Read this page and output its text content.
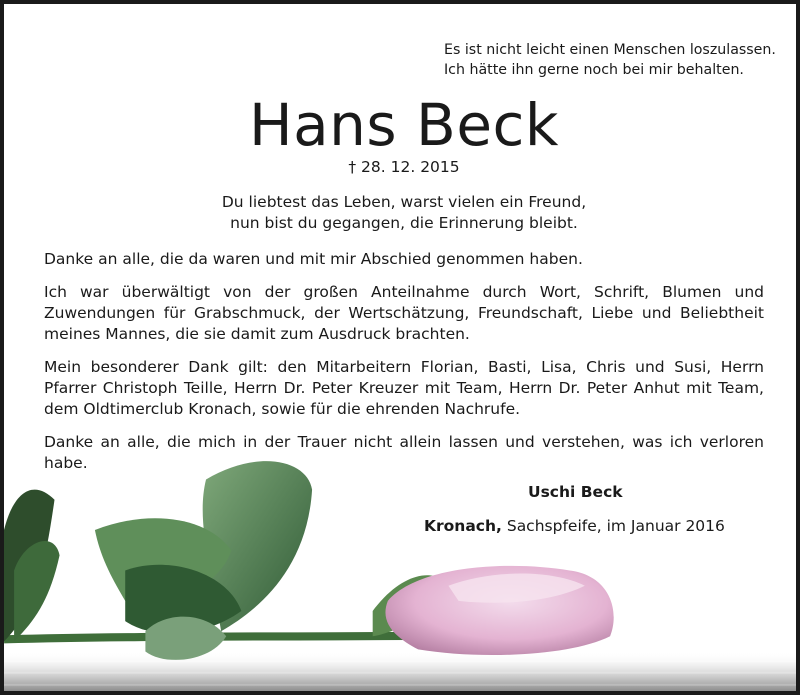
Es ist nicht leicht einen Menschen loszulassen.
Ich hätte ihn gerne noch bei mir behalten.
Hans Beck
† 28. 12. 2015
Du liebtest das Leben, warst vielen ein Freund,
nun bist du gegangen, die Erinnerung bleibt.

Danke an alle, die da waren und mit mir Abschied genommen haben.

Ich war überwältigt von der großen Anteilnahme durch Wort, Schrift, Blumen und Zuwendungen für Grabschmuck, der Wertschätzung, Freundschaft, Liebe und Beliebtheit meines Mannes, die sie damit zum Ausdruck brachten.

Mein besonderer Dank gilt: den Mitarbeitern Florian, Basti, Lisa, Chris und Susi, Herrn Pfarrer Christoph Teille, Herrn Dr. Peter Kreuzer mit Team, Herrn Dr. Peter Anhut mit Team, dem Oldtimerclub Kronach, sowie für die ehrenden Nachrufe.

Danke an alle, die mich in der Trauer nicht allein lassen und verstehen, was ich verloren habe.

Uschi Beck
Kronach, Sachspfeife, im Januar 2016
